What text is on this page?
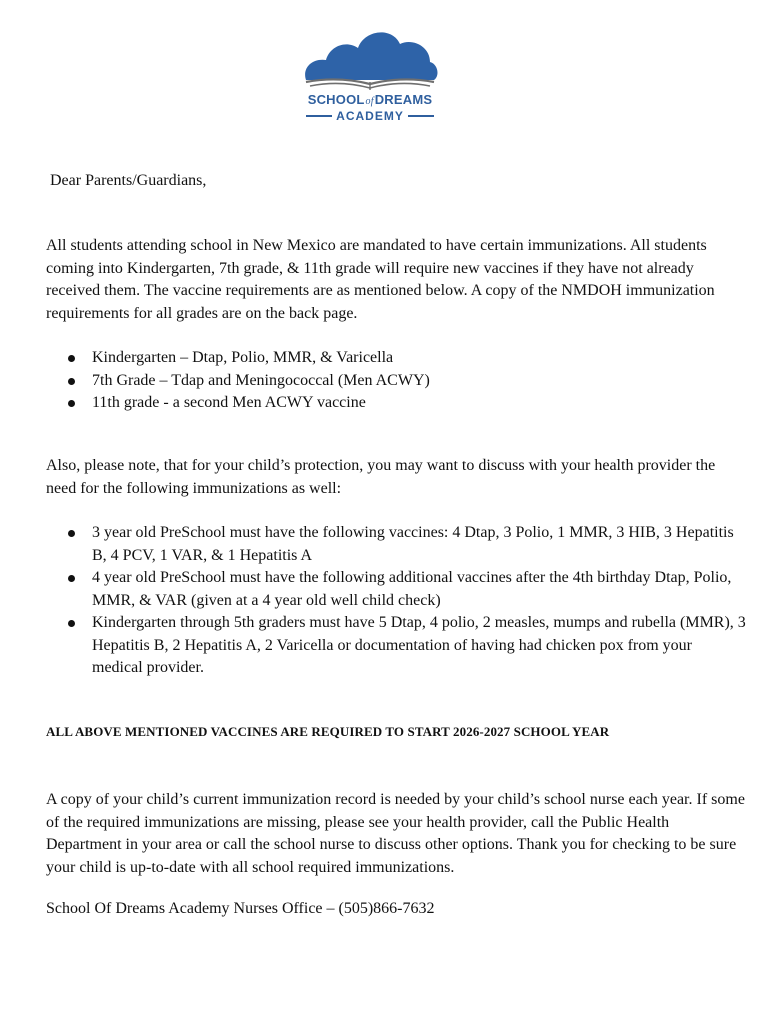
SCHOOLofDREAMS
ACADEMY
Dear Parents/Guardians,
All students attending school in New Mexico are mandated to have certain immunizations. All students coming into Kindergarten, 7th grade, & 11th grade will require new vaccines if they have not already received them. The vaccine requirements are as mentioned below. A copy of the NMDOH immunization requirements for all grades are on the back page.
Kindergarten – Dtap, Polio, MMR, & Varicella
7th Grade – Tdap and Meningococcal (Men ACWY)
11th grade - a second Men ACWY vaccine
Also, please note, that for your child’s protection, you may want to discuss with your health provider the need for the following immunizations as well:
3 year old PreSchool must have the following vaccines: 4 Dtap, 3 Polio, 1 MMR, 3 HIB, 3 Hepatitis B, 4 PCV, 1 VAR, & 1 Hepatitis A
4 year old PreSchool must have the following additional vaccines after the 4th birthday Dtap, Polio, MMR, & VAR (given at a 4 year old well child check)
Kindergarten through 5th graders must have 5 Dtap, 4 polio, 2 measles, mumps and rubella (MMR), 3 Hepatitis B, 2 Hepatitis A, 2 Varicella or documentation of having had chicken pox from your medical provider.
ALL ABOVE MENTIONED VACCINES ARE REQUIRED TO START 2026-2027 SCHOOL YEAR
A copy of your child’s current immunization record is needed by your child’s school nurse each year. If some of the required immunizations are missing, please see your health provider, call the Public Health Department in your area or call the school nurse to discuss other options. Thank you for checking to be sure your child is up-to-date with all school required immunizations.
School Of Dreams Academy Nurses Office – (505)866-7632
